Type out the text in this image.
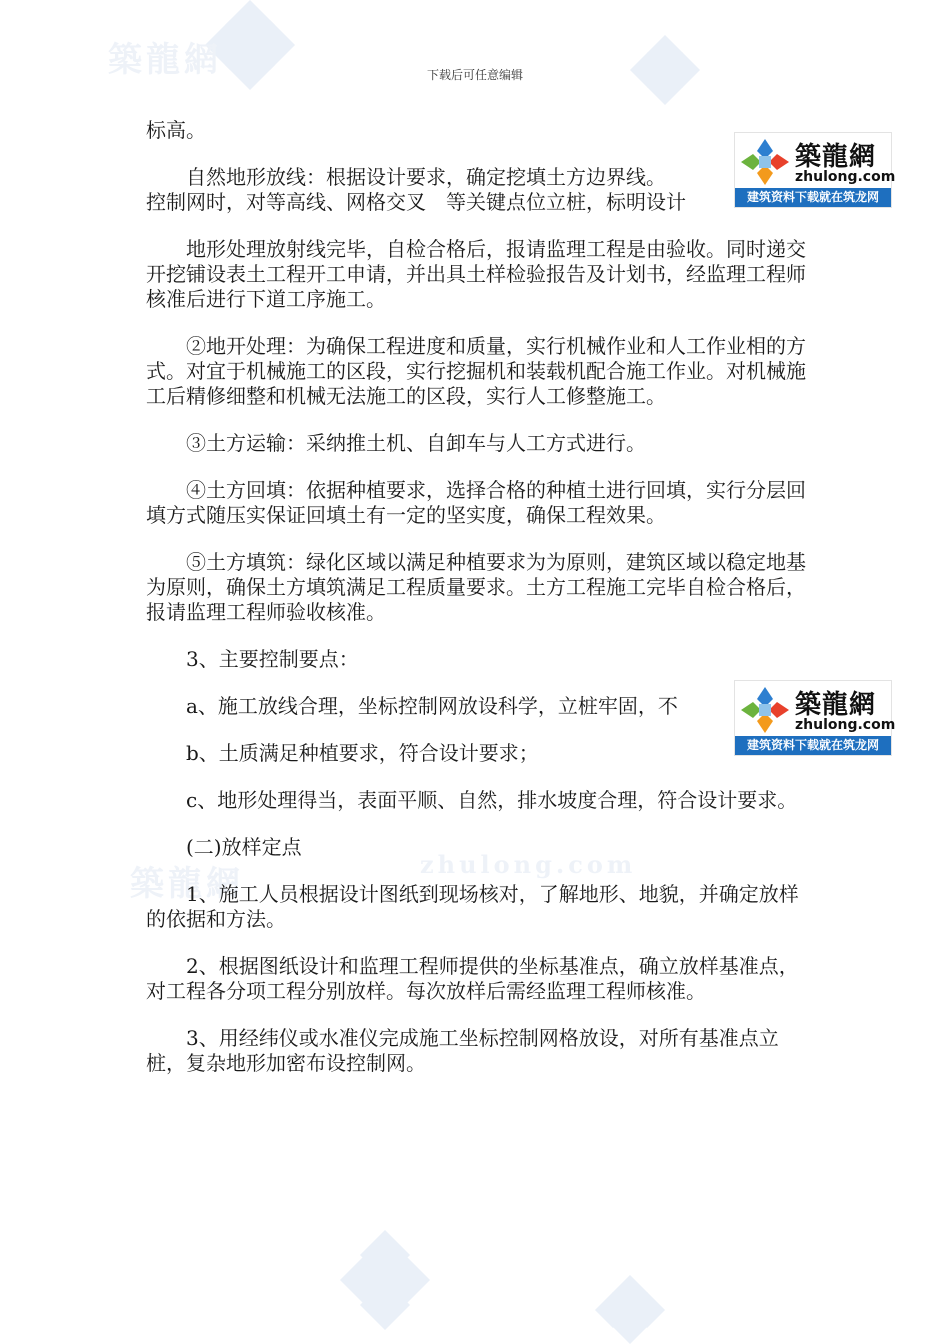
築龍網
築龍網	zhulong.com
下载后可任意编辑

标高。

自然地形放线：根据设计要求，确定挖填土方边界线。
控制网时，对等高线、网格交叉　等关键点位立桩，标明设计

地形处理放射线完毕，自检合格后，报请监理工程是由验收。同时递交开挖铺设表土工程开工申请，并出具土样检验报告及计划书，经监理工程师核准后进行下道工序施工。

②地开处理：为确保工程进度和质量，实行机械作业和人工作业相的方式。对宜于机械施工的区段，实行挖掘机和装载机配合施工作业。对机械施工后精修细整和机械无法施工的区段，实行人工修整施工。

③土方运输：采纳推土机、自卸车与人工方式进行。

④土方回填：依据种植要求，选择合格的种植土进行回填，实行分层回填方式随压实保证回填土有一定的坚实度，确保工程效果。

⑤土方填筑：绿化区域以满足种植要求为为原则，建筑区域以稳定地基为原则，确保土方填筑满足工程质量要求。土方工程施工完毕自检合格后，报请监理工程师验收核准。

3、主要控制要点：

a、施工放线合理，坐标控制网放设科学，立桩牢固，不

b、土质满足种植要求，符合设计要求；

c、地形处理得当，表面平顺、自然，排水坡度合理，符合设计要求。

(二)放样定点

1、施工人员根据设计图纸到现场核对，了解地形、地貌，并确定放样的依据和方法。

2、根据图纸设计和监理工程师提供的坐标基准点，确立放样基准点，对工程各分项工程分别放样。每次放样后需经监理工程师核准。

3、用经纬仪或水准仪完成施工坐标控制网格放设，对所有基准点立桩，复杂地形加密布设控制网。

築龍網
zhulong.com
建筑资料下载就在筑龙网
築龍網
zhulong.com
建筑资料下载就在筑龙网
